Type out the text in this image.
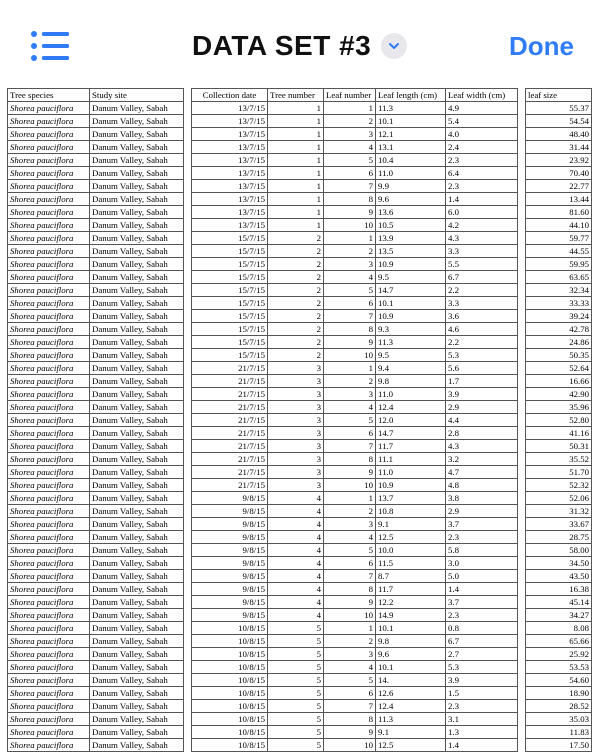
DATA SET #3	Done
Tree species	Study site		Collection date	Tree number	Leaf number	Leaf length (cm)	Leaf width (cm)		leaf size
Shorea pauciflora	Danum Valley, Sabah		13/7/15	1	1	11.3	4.9		55.37
Shorea pauciflora	Danum Valley, Sabah		13/7/15	1	2	10.1	5.4		54.54
Shorea pauciflora	Danum Valley, Sabah		13/7/15	1	3	12.1	4.0		48.40
Shorea pauciflora	Danum Valley, Sabah		13/7/15	1	4	13.1	2.4		31.44
Shorea pauciflora	Danum Valley, Sabah		13/7/15	1	5	10.4	2.3		23.92
Shorea pauciflora	Danum Valley, Sabah		13/7/15	1	6	11.0	6.4		70.40
Shorea pauciflora	Danum Valley, Sabah		13/7/15	1	7	9.9	2.3		22.77
Shorea pauciflora	Danum Valley, Sabah		13/7/15	1	8	9.6	1.4		13.44
Shorea pauciflora	Danum Valley, Sabah		13/7/15	1	9	13.6	6.0		81.60
Shorea pauciflora	Danum Valley, Sabah		13/7/15	1	10	10.5	4.2		44.10
Shorea pauciflora	Danum Valley, Sabah		15/7/15	2	1	13.9	4.3		59.77
Shorea pauciflora	Danum Valley, Sabah		15/7/15	2	2	13.5	3.3		44.55
Shorea pauciflora	Danum Valley, Sabah		15/7/15	2	3	10.9	5.5		59.95
Shorea pauciflora	Danum Valley, Sabah		15/7/15	2	4	9.5	6.7		63.65
Shorea pauciflora	Danum Valley, Sabah		15/7/15	2	5	14.7	2.2		32.34
Shorea pauciflora	Danum Valley, Sabah		15/7/15	2	6	10.1	3.3		33.33
Shorea pauciflora	Danum Valley, Sabah		15/7/15	2	7	10.9	3.6		39.24
Shorea pauciflora	Danum Valley, Sabah		15/7/15	2	8	9.3	4.6		42.78
Shorea pauciflora	Danum Valley, Sabah		15/7/15	2	9	11.3	2.2		24.86
Shorea pauciflora	Danum Valley, Sabah		15/7/15	2	10	9.5	5.3		50.35
Shorea pauciflora	Danum Valley, Sabah		21/7/15	3	1	9.4	5.6		52.64
Shorea pauciflora	Danum Valley, Sabah		21/7/15	3	2	9.8	1.7		16.66
Shorea pauciflora	Danum Valley, Sabah		21/7/15	3	3	11.0	3.9		42.90
Shorea pauciflora	Danum Valley, Sabah		21/7/15	3	4	12.4	2.9		35.96
Shorea pauciflora	Danum Valley, Sabah		21/7/15	3	5	12.0	4.4		52.80
Shorea pauciflora	Danum Valley, Sabah		21/7/15	3	6	14.7	2.8		41.16
Shorea pauciflora	Danum Valley, Sabah		21/7/15	3	7	11.7	4.3		50.31
Shorea pauciflora	Danum Valley, Sabah		21/7/15	3	8	11.1	3.2		35.52
Shorea pauciflora	Danum Valley, Sabah		21/7/15	3	9	11.0	4.7		51.70
Shorea pauciflora	Danum Valley, Sabah		21/7/15	3	10	10.9	4.8		52.32
Shorea pauciflora	Danum Valley, Sabah		9/8/15	4	1	13.7	3.8		52.06
Shorea pauciflora	Danum Valley, Sabah		9/8/15	4	2	10.8	2.9		31.32
Shorea pauciflora	Danum Valley, Sabah		9/8/15	4	3	9.1	3.7		33.67
Shorea pauciflora	Danum Valley, Sabah		9/8/15	4	4	12.5	2.3		28.75
Shorea pauciflora	Danum Valley, Sabah		9/8/15	4	5	10.0	5.8		58.00
Shorea pauciflora	Danum Valley, Sabah		9/8/15	4	6	11.5	3.0		34.50
Shorea pauciflora	Danum Valley, Sabah		9/8/15	4	7	8.7	5.0		43.50
Shorea pauciflora	Danum Valley, Sabah		9/8/15	4	8	11.7	1.4		16.38
Shorea pauciflora	Danum Valley, Sabah		9/8/15	4	9	12.2	3.7		45.14
Shorea pauciflora	Danum Valley, Sabah		9/8/15	4	10	14.9	2.3		34.27
Shorea pauciflora	Danum Valley, Sabah		10/8/15	5	1	10.1	0.8		8.08
Shorea pauciflora	Danum Valley, Sabah		10/8/15	5	2	9.8	6.7		65.66
Shorea pauciflora	Danum Valley, Sabah		10/8/15	5	3	9.6	2.7		25.92
Shorea pauciflora	Danum Valley, Sabah		10/8/15	5	4	10.1	5.3		53.53
Shorea pauciflora	Danum Valley, Sabah		10/8/15	5	5	14.	3.9		54.60
Shorea pauciflora	Danum Valley, Sabah		10/8/15	5	6	12.6	1.5		18.90
Shorea pauciflora	Danum Valley, Sabah		10/8/15	5	7	12.4	2.3		28.52
Shorea pauciflora	Danum Valley, Sabah		10/8/15	5	8	11.3	3.1		35.03
Shorea pauciflora	Danum Valley, Sabah		10/8/15	5	9	9.1	1.3		11.83
Shorea pauciflora	Danum Valley, Sabah		10/8/15	5	10	12.5	1.4		17.50
